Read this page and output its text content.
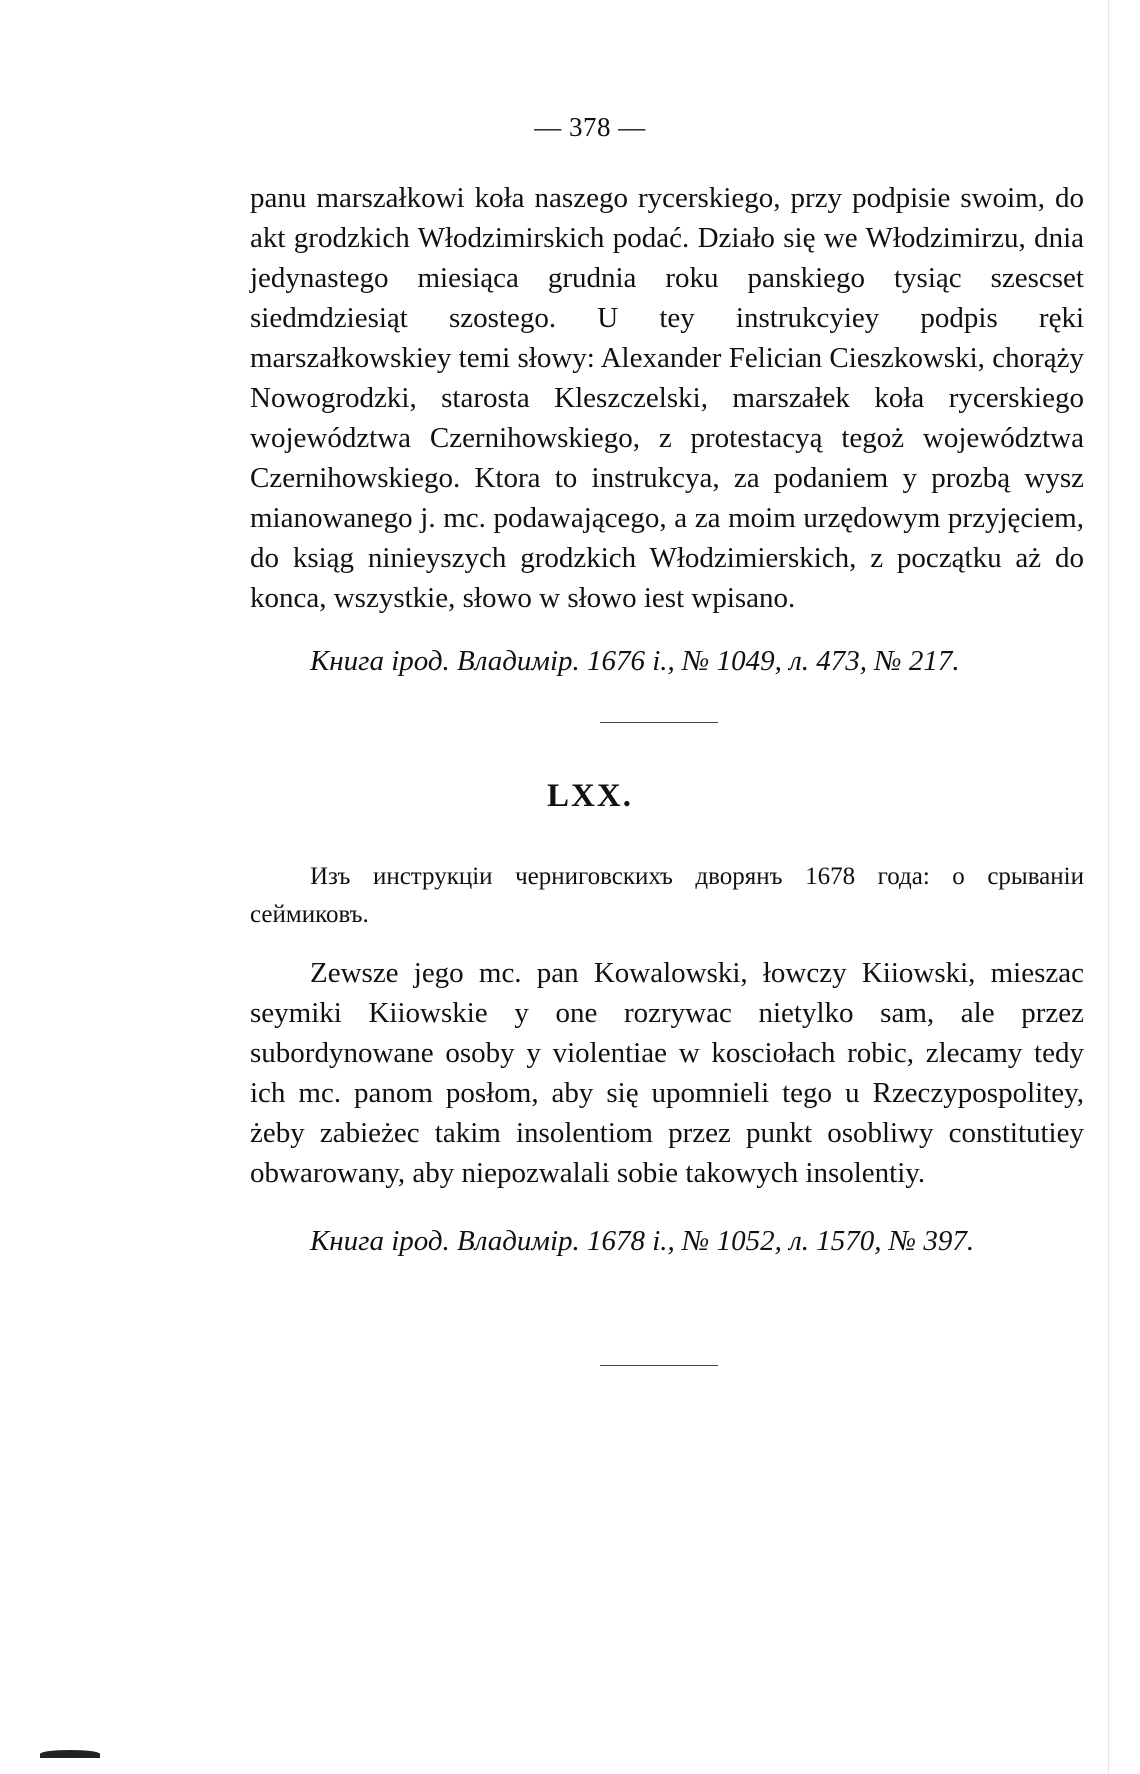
— 378 —

panu marszałkowi koła naszego rycerskiego, przy podpisie swoim, do akt grodzkich Włodzimirskich podać. Działo się we Włodzimirzu, dnia jedynastego miesiąca grudnia roku panskiego tysiąc szescset siedmdziesiąt szostego. U tey instrukcyiey podpis ręki marszałkowskiey temi słowy: Alexander Felician Cieszkowski, chorąży Nowogrodzki, starosta Kleszczelski, marszałek koła rycerskiego województwa Czernihowskiego, z protestacyą tegoż województwa Czernihowskiego. Ktora to instrukcya, za podaniem y prozbą wysz mianowanego j. mc. podawającego, a za moim urzędowym przyjęciem, do ksiąg ninieyszych grodzkich Włodzimierskich, z początku aż do konca, wszystkie, słowo w słowo iest wpisano.

Книга ірод. Владимір. 1676 і., № 1049, л. 473, № 217.
LXX.

Изъ инструкціи черниговскихъ дворянъ 1678 года: о срываніи сеймиковъ.

Zewsze jego mc. pan Kowalowski, łowczy Kiiowski, mieszac seymiki Kiiowskie y one rozrywac nietylko sam, ale przez subordynowane osoby y violentiae w kosciołach robic, zlecamy tedy ich mc. panom posłom, aby się upomnieli tego u Rzeczypospolitey, żeby zabieżec takim insolentiom przez punkt osobliwy constitutiey obwarowany, aby niepozwalali sobie takowych insolentiy.

Книга ірод. Владимір. 1678 і., № 1052, л. 1570, № 397.
